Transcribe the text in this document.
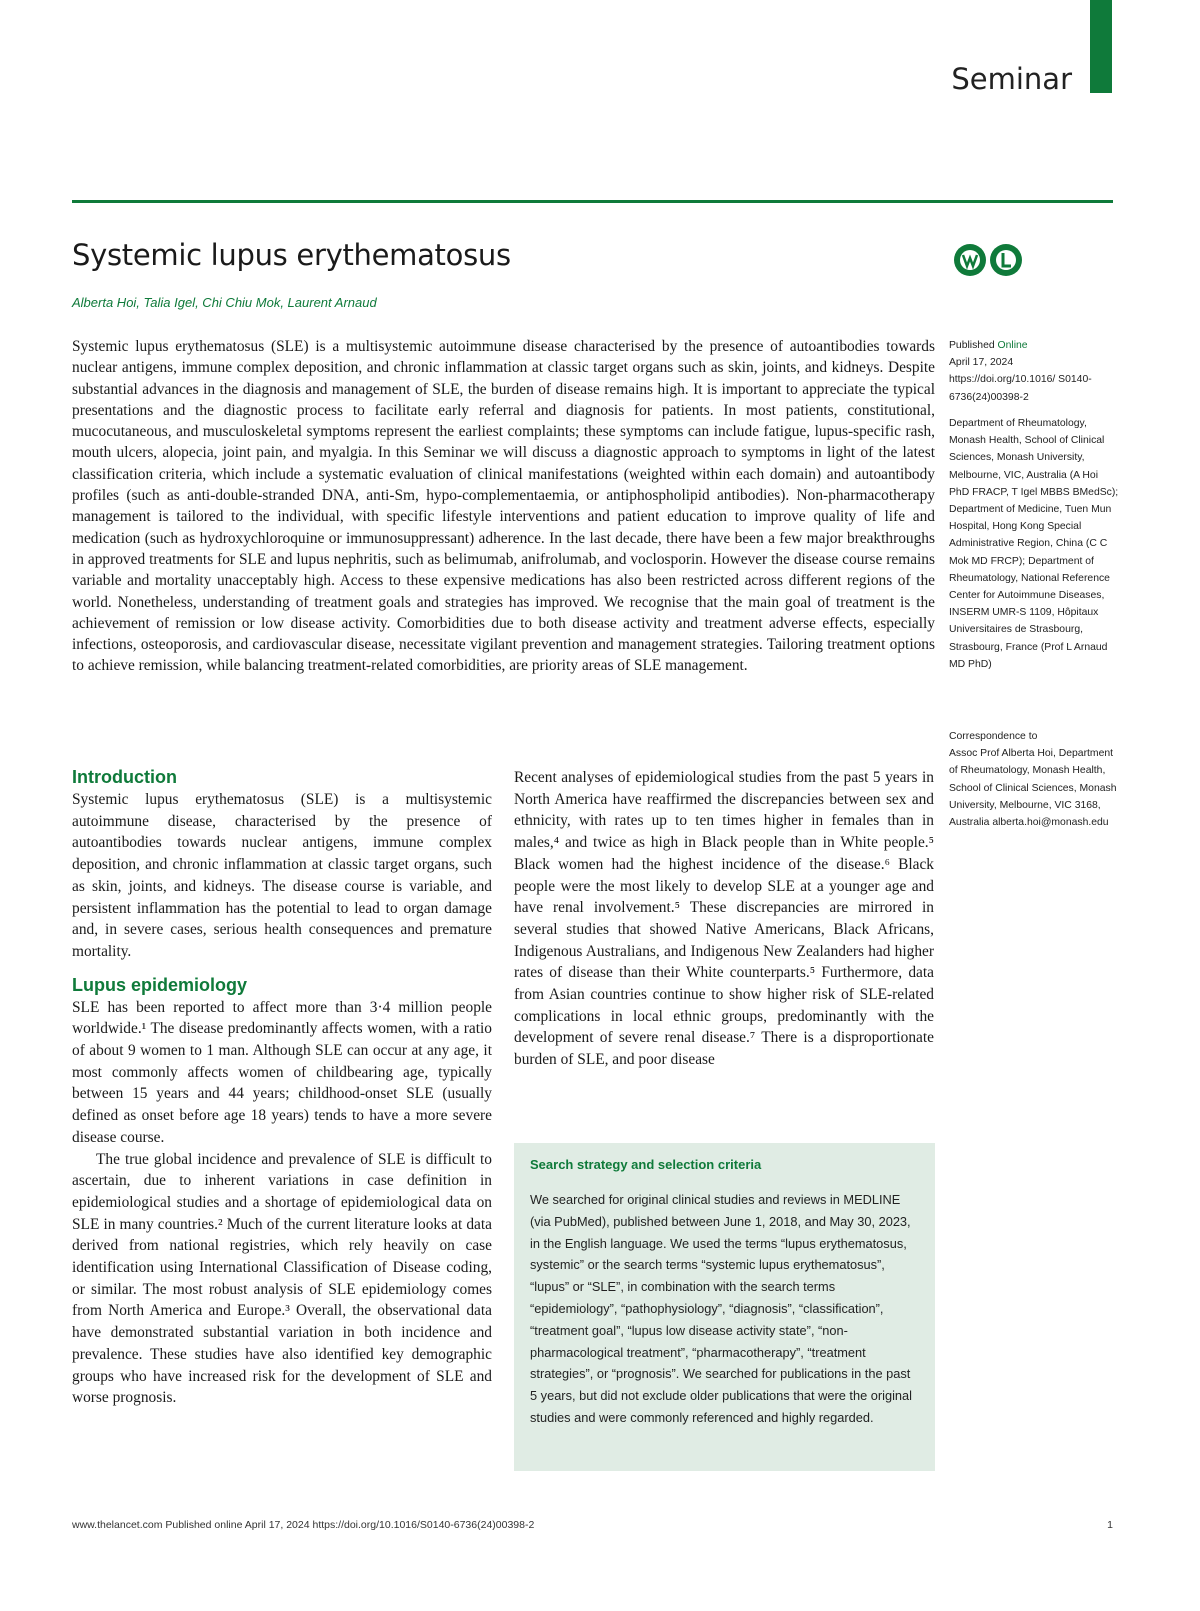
Seminar
Systemic lupus erythematosus
Alberta Hoi, Talia Igel, Chi Chiu Mok, Laurent Arnaud

Systemic lupus erythematosus (SLE) is a multisystemic autoimmune disease characterised by the presence of autoantibodies towards nuclear antigens, immune complex deposition, and chronic inflammation at classic target organs such as skin, joints, and kidneys. Despite substantial advances in the diagnosis and management of SLE, the burden of disease remains high. It is important to appreciate the typical presentations and the diagnostic process to facilitate early referral and diagnosis for patients. In most patients, constitutional, mucocutaneous, and musculoskeletal symptoms represent the earliest complaints; these symptoms can include fatigue, lupus-specific rash, mouth ulcers, alopecia, joint pain, and myalgia. In this Seminar we will discuss a diagnostic approach to symptoms in light of the latest classification criteria, which include a systematic evaluation of clinical manifestations (weighted within each domain) and autoantibody profiles (such as anti-double-stranded DNA, anti-Sm, hypo-complementaemia, or antiphospholipid antibodies). Non-pharmacotherapy management is tailored to the individual, with specific lifestyle interventions and patient education to improve quality of life and medication (such as hydroxychloroquine or immunosuppressant) adherence. In the last decade, there have been a few major breakthroughs in approved treatments for SLE and lupus nephritis, such as belimumab, anifrolumab, and voclosporin. However the disease course remains variable and mortality unacceptably high. Access to these expensive medications has also been restricted across different regions of the world. Nonetheless, understanding of treatment goals and strategies has improved. We recognise that the main goal of treatment is the achievement of remission or low disease activity. Comorbidities due to both disease activity and treatment adverse effects, especially infections, osteoporosis, and cardiovascular disease, necessitate vigilant prevention and management strategies. Tailoring treatment options to achieve remission, while balancing treatment-related comorbidities, are priority areas of SLE management.

Published Online
April 17, 2024
https://doi.org/10.1016/ S0140-6736(24)00398-2
Department of Rheumatology, Monash Health, School of Clinical Sciences, Monash University, Melbourne, VIC, Australia (A Hoi PhD FRACP, T Igel MBBS BMedSc); Department of Medicine, Tuen Mun Hospital, Hong Kong Special Administrative Region, China (C C Mok MD FRCP); Department of Rheumatology, National Reference Center for Autoimmune Diseases, INSERM UMR-S 1109, Hôpitaux Universitaires de Strasbourg, Strasbourg, France (Prof L Arnaud MD PhD)
Correspondence to
Assoc Prof Alberta Hoi, Department of Rheumatology, Monash Health, School of Clinical Sciences, Monash University, Melbourne, VIC 3168, Australia alberta.hoi@monash.edu
Introduction

Systemic lupus erythematosus (SLE) is a multisystemic autoimmune disease, characterised by the presence of autoantibodies towards nuclear antigens, immune complex deposition, and chronic inflammation at classic target organs, such as skin, joints, and kidneys. The disease course is variable, and persistent inflammation has the potential to lead to organ damage and, in severe cases, serious health consequences and premature mortality.

Lupus epidemiology

SLE has been reported to affect more than 3·4 million people worldwide.¹ The disease predominantly affects women, with a ratio of about 9 women to 1 man. Although SLE can occur at any age, it most commonly affects women of childbearing age, typically between 15 years and 44 years; childhood-onset SLE (usually defined as onset before age 18 years) tends to have a more severe disease course.

The true global incidence and prevalence of SLE is difficult to ascertain, due to inherent variations in case definition in epidemiological studies and a shortage of epidemiological data on SLE in many countries.² Much of the current literature looks at data derived from national registries, which rely heavily on case identification using International Classification of Disease coding, or similar. The most robust analysis of SLE epidemiology comes from North America and Europe.³ Overall, the observational data have demonstrated substantial variation in both incidence and prevalence. These studies have also identified key demographic groups who have increased risk for the development of SLE and worse prognosis.

Recent analyses of epidemiological studies from the past 5 years in North America have reaffirmed the discrepancies between sex and ethnicity, with rates up to ten times higher in females than in males,⁴ and twice as high in Black people than in White people.⁵ Black women had the highest incidence of the disease.⁶ Black people were the most likely to develop SLE at a younger age and have renal involvement.⁵ These discrepancies are mirrored in several studies that showed Native Americans, Black Africans, Indigenous Australians, and Indigenous New Zealanders had higher rates of disease than their White counterparts.⁵ Furthermore, data from Asian countries continue to show higher risk of SLE-related complications in local ethnic groups, predominantly with the development of severe renal disease.⁷ There is a disproportionate burden of SLE, and poor disease

Search strategy and selection criteria

We searched for original clinical studies and reviews in MEDLINE (via PubMed), published between June 1, 2018, and May 30, 2023, in the English language. We used the terms “lupus erythematosus, systemic” or the search terms “systemic lupus erythematosus”, “lupus” or “SLE”, in combination with the search terms “epidemiology”, “pathophysiology”, “diagnosis”, “classification”, “treatment goal”, “lupus low disease activity state”, “non-pharmacological treatment”, “pharmacotherapy”, “treatment strategies”, or “prognosis”. We searched for publications in the past 5 years, but did not exclude older publications that were the original studies and were commonly referenced and highly regarded.

www.thelancet.com Published online April 17, 2024 https://doi.org/10.1016/S0140-6736(24)00398-2	1
